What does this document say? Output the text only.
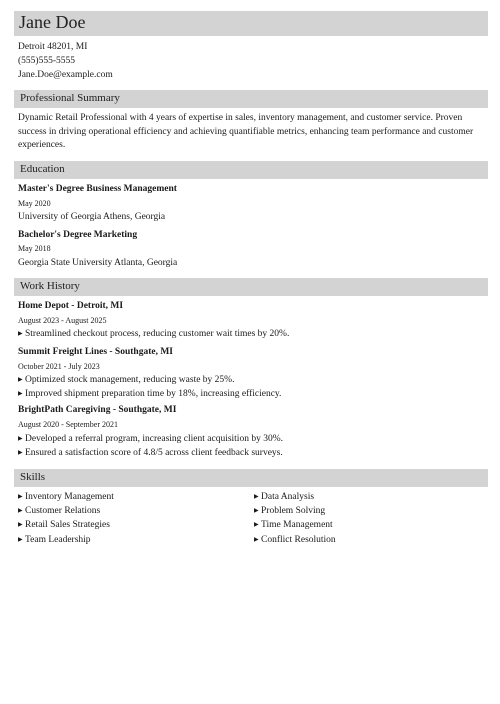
Jane Doe
Detroit 48201, MI
(555)555-5555
Jane.Doe@example.com
Professional Summary
Dynamic Retail Professional with 4 years of expertise in sales, inventory management, and customer service. Proven
success in driving operational efficiency and achieving quantifiable metrics, enhancing team performance and customer
experiences.
Education
Master's Degree Business Management
May 2020
University of Georgia Athens, Georgia
Bachelor's Degree Marketing
May 2018
Georgia State University Atlanta, Georgia
Work History
Home Depot - Detroit, MI
August 2023 - August 2025
▶ Streamlined checkout process, reducing customer wait times by 20%.
Summit Freight Lines - Southgate, MI
October 2021 - July 2023
▶ Optimized stock management, reducing waste by 25%.
▶ Improved shipment preparation time by 18%, increasing efficiency.
BrightPath Caregiving - Southgate, MI
August 2020 - September 2021
▶ Developed a referral program, increasing client acquisition by 30%.
▶ Ensured a satisfaction score of 4.8/5 across client feedback surveys.
Skills
▶ Inventory Management
▶ Customer Relations
▶ Retail Sales Strategies
▶ Team Leadership
▶ Data Analysis
▶ Problem Solving
▶ Time Management
▶ Conflict Resolution
